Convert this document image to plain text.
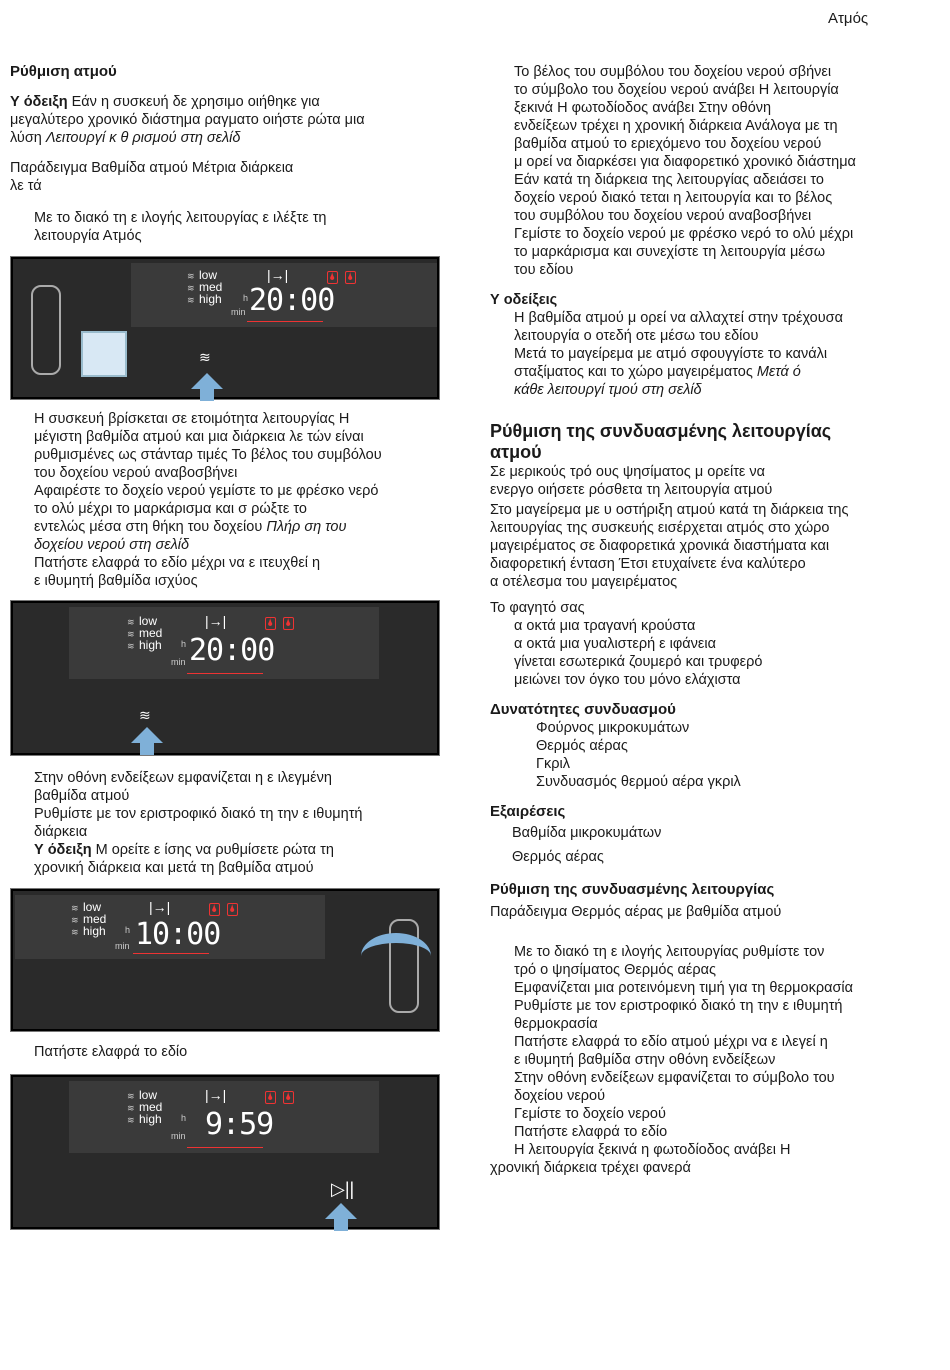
Ατμός

Ρύθμιση ατμού

Υ όδειξη Εάν η συσκευή δε χρησιμο οιήθηκε για
μεγαλύτερο χρονικό διάστημα ραγματο οιήστε ρώτα μια
λύση Λειτουργί κ θ ρισμού στη σελίδ
Παράδειγμα Βαθμίδα ατμού Μέτρια διάρκεια
λε τά
Με το διακό τη ε ιλογής λειτουργίας ε ιλέξτε τη
λειτουργία Ατμός
≋ low
≋ med
≋ high
|→|	🌢 🌢
h
min 20:00
≋
Η συσκευή βρίσκεται σε ετοιμότητα λειτουργίας Η
μέγιστη βαθμίδα ατμού και μια διάρκεια λε τών είναι
ρυθμισμένες ως στάνταρ τιμές Το βέλος του συμβόλου
του δοχείου νερού αναβοσβήνει
Αφαιρέστε το δοχείο νερού γεμίστε το με φρέσκο νερό
το ολύ μέχρι το μαρκάρισμα και σ ρώξτε το
εντελώς μέσα στη θήκη του δοχείου Πλήρ ση του
δοχείου νερού στη σελίδ
Πατήστε ελαφρά το εδίο μέχρι να ε ιτευχθεί η
ε ιθυμητή βαθμίδα ισχύος
≋ low
≋ med
≋ high
|→|	🌢 🌢
h
min 20:00
≋
Στην οθόνη ενδείξεων εμφανίζεται η ε ιλεγμένη
βαθμίδα ατμού
Ρυθμίστε με τον εριστροφικό διακό τη την ε ιθυμητή
διάρκεια
Υ όδειξη Μ ορείτε ε ίσης να ρυθμίσετε ρώτα τη
χρονική διάρκεια και μετά τη βαθμίδα ατμού
≋ low
≋ med
≋ high
|→|	🌢 🌢
h
min 10:00
Πατήστε ελαφρά το εδίο
≋ low
≋ med
≋ high
|→|	🌢 🌢
h
min 9:59
▷||
Το βέλος του συμβόλου του δοχείου νερού σβήνει
το σύμβολο του δοχείου νερού ανάβει Η λειτουργία
ξεκινά Η φωτοδίοδος ανάβει Στην οθόνη
ενδείξεων τρέχει η χρονική διάρκεια Ανάλογα με τη
βαθμίδα ατμού το εριεχόμενο του δοχείου νερού
μ ορεί να διαρκέσει για διαφορετικό χρονικό διάστημα
Εάν κατά τη διάρκεια της λειτουργίας αδειάσει το
δοχείο νερού διακό τεται η λειτουργία και το βέλος
του συμβόλου του δοχείου νερού αναβοσβήνει
Γεμίστε το δοχείο νερού με φρέσκο νερό το ολύ μέχρι
το μαρκάρισμα και συνεχίστε τη λειτουργία μέσω
του εδίου
Υ οδείξεις
Η βαθμίδα ατμού μ ορεί να αλλαχτεί στην τρέχουσα
λειτουργία ο οτεδή οτε μέσω του εδίου
Μετά το μαγείρεμα με ατμό σφουγγίστε το κανάλι
σταξίματος και το χώρο μαγειρέματος Μετά ό
κάθε λειτουργί τμού στη σελίδ

Ρύθμιση της συνδυασμένης λειτουργίας
ατμού

Σε μερικούς τρό ους ψησίματος μ ορείτε να
ενεργο οιήσετε ρόσθετα τη λειτουργία ατμού
Στο μαγείρεμα με υ οστήριξη ατμού κατά τη διάρκεια της
λειτουργίας της συσκευής εισέρχεται ατμός στο χώρο
μαγειρέματος σε διαφορετικά χρονικά διαστήματα και
διαφορετική ένταση Έτσι ετυχαίνετε ένα καλύτερο
α οτέλεσμα του μαγειρέματος
Το φαγητό σας
α οκτά μια τραγανή κρούστα
α οκτά μια γυαλιστερή ε ιφάνεια
γίνεται εσωτερικά ζουμερό και τρυφερό
μειώνει τον όγκο του μόνο ελάχιστα

Δυνατότητες συνδυασμού

Φούρνος μικροκυμάτων
Θερμός αέρας
Γκριλ
Συνδυασμός θερμού αέρα γκριλ

Εξαιρέσεις

Βαθμίδα μικροκυμάτων
Θερμός αέρας

Ρύθμιση της συνδυασμένης λειτουργίας

Παράδειγμα Θερμός αέρας με βαθμίδα ατμού
Με το διακό τη ε ιλογής λειτουργίας ρυθμίστε τον
τρό ο ψησίματος Θερμός αέρας
Εμφανίζεται μια ροτεινόμενη τιμή για τη θερμοκρασία
Ρυθμίστε με τον εριστροφικό διακό τη την ε ιθυμητή
θερμοκρασία
Πατήστε ελαφρά το εδίο ατμού μέχρι να ε ιλεγεί η
ε ιθυμητή βαθμίδα στην οθόνη ενδείξεων
Στην οθόνη ενδείξεων εμφανίζεται το σύμβολο του
δοχείου νερού
Γεμίστε το δοχείο νερού
Πατήστε ελαφρά το εδίο
Η λειτουργία ξεκινά η φωτοδίοδος ανάβει Η
χρονική διάρκεια τρέχει φανερά
